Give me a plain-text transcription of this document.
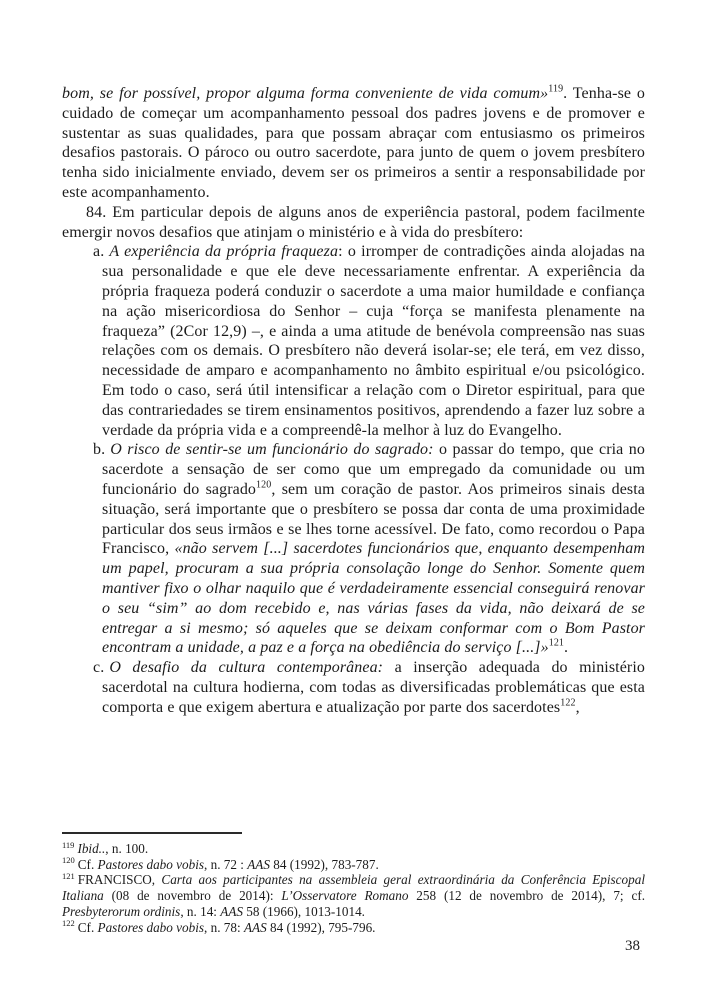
bom, se for possível, propor alguma forma conveniente de vida comum»$^{119}$. Tenha-se o cuidado de começar um acompanhamento pessoal dos padres jovens e de promover e sustentar as suas qualidades, para que possam abraçar com entusiasmo os primeiros desafios pastorais. O pároco ou outro sacerdote, para junto de quem o jovem presbítero tenha sido inicialmente enviado, devem ser os primeiros a sentir a responsabilidade por este acompanhamento.

84. Em particular depois de alguns anos de experiência pastoral, podem facilmente emergir novos desafios que atinjam o ministério e à vida do presbítero:

a. A experiência da própria fraqueza: o irromper de contradições ainda alojadas na sua personalidade e que ele deve necessariamente enfrentar. A experiência da própria fraqueza poderá conduzir o sacerdote a uma maior humildade e confiança na ação misericordiosa do Senhor – cuja “força se manifesta plenamente na fraqueza” (2Cor 12,9) –, e ainda a uma atitude de benévola compreensão nas suas relações com os demais. O presbítero não deverá isolar-se; ele terá, em vez disso, necessidade de amparo e acompanhamento no âmbito espiritual e/ou psicológico. Em todo o caso, será útil intensificar a relação com o Diretor espiritual, para que das contrariedades se tirem ensinamentos positivos, aprendendo a fazer luz sobre a verdade da própria vida e a compreendê-la melhor à luz do Evangelho.

b. O risco de sentir-se um funcionário do sagrado: o passar do tempo, que cria no sacerdote a sensação de ser como que um empregado da comunidade ou um funcionário do sagrado$^{120}$, sem um coração de pastor. Aos primeiros sinais desta situação, será importante que o presbítero se possa dar conta de uma proximidade particular dos seus irmãos e se lhes torne acessível. De fato, como recordou o Papa Francisco, «não servem [...] sacerdotes funcionários que, enquanto desempenham um papel, procuram a sua própria consolação longe do Senhor. Somente quem mantiver fixo o olhar naquilo que é verdadeiramente essencial conseguirá renovar o seu “sim” ao dom recebido e, nas várias fases da vida, não deixará de se entregar a si mesmo; só aqueles que se deixam conformar com o Bom Pastor encontram a unidade, a paz e a força na obediência do serviço [...]»$^{121}$.

c. O desafio da cultura contemporânea: a inserção adequada do ministério sacerdotal na cultura hodierna, com todas as diversificadas problemáticas que esta comporta e que exigem abertura e atualização por parte dos sacerdotes$^{122}$,

$^{119}$ Ibid.., n. 100.

$^{120}$ Cf. Pastores dabo vobis, n. 72 : AAS 84 (1992), 783-787.

$^{121}$ FRANCISCO, Carta aos participantes na assembleia geral extraordinária da Conferência Episcopal Italiana (08 de novembro de 2014): L’Osservatore Romano 258 (12 de novembro de 2014), 7; cf. Presbyterorum ordinis, n. 14: AAS 58 (1966), 1013-1014.

$^{122}$ Cf. Pastores dabo vobis, n. 78: AAS 84 (1992), 795-796.

38
